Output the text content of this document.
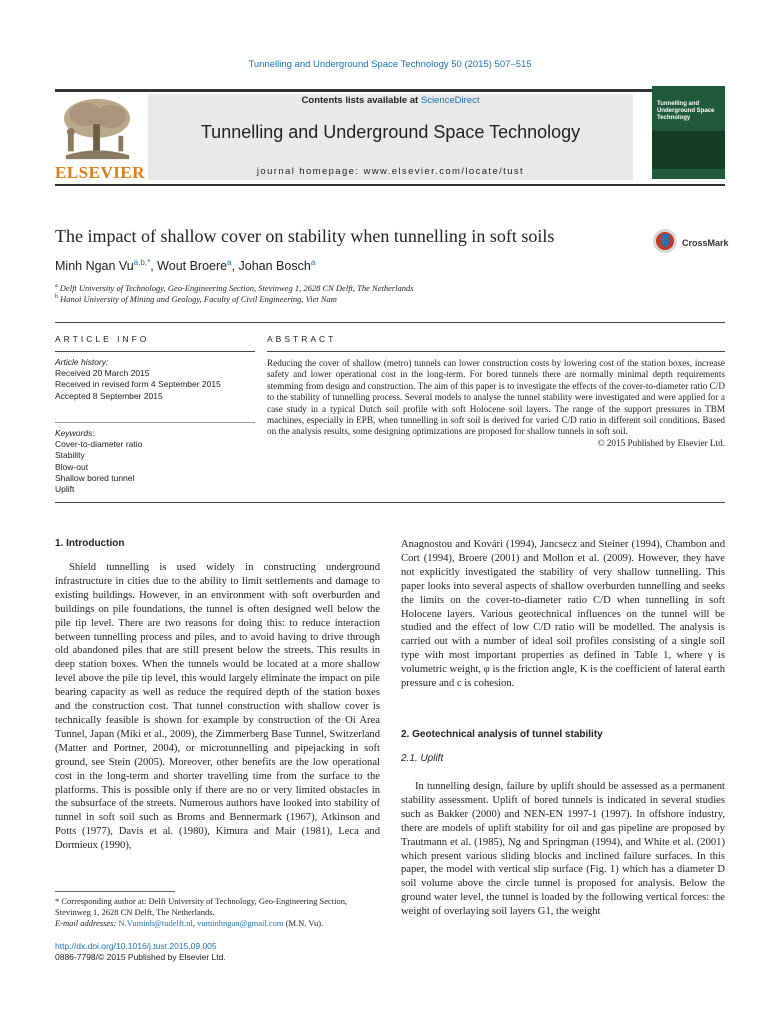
Tunnelling and Underground Space Technology 50 (2015) 507–515
ELSEVIER
Contents lists available at ScienceDirect
Tunnelling and Underground Space Technology
journal homepage: www.elsevier.com/locate/tust
Tunnelling and Underground Space Technology
The impact of shallow cover on stability when tunnelling in soft soils	CrossMark
Minh Ngan $Vu^{a,b,*}$, Wout Broere$^a$, Johan Bosch$^a$
$^a$ Delft University of Technology, Geo-Engineering Section, Stevinweg 1, 2628 CN Delft, The Netherlands
$^b$ Hanoi University of Mining and Geology, Faculty of Civil Engineering, Viet Nam
ARTICLE INFO	ABSTRACT
Article history:
Received 20 March 2015
Received in revised form 4 September 2015
Accepted 8 September 2015
Keywords:
Cover-to-diameter ratio
Stability
Blow-out
Shallow bored tunnel
Uplift
Reducing the cover of shallow (metro) tunnels can lower construction costs by lowering cost of the station boxes, increase safety and lower operational cost in the long-term. For bored tunnels there are normally minimal depth requirements stemming from design and construction. The aim of this paper is to investigate the effects of the cover-to-diameter ratio C/D to the stability of tunnelling process. Several models to analyse the tunnel stability were investigated and were applied for a case study in a typical Dutch soil profile with soft Holocene soil layers. The range of the support pressures in TBM machines, especially in EPB, when tunnelling in soft soil is derived for varied C/D ratio in different soil conditions. Based on the analysis results, some designing optimizations are proposed for shallow tunnels in soft soil.
© 2015 Published by Elsevier Ltd.
1. Introduction

Shield tunnelling is used widely in constructing underground infrastructure in cities due to the ability to limit settlements and damage to existing buildings. However, in an environment with soft overburden and buildings on pile foundations, the tunnel is often designed well below the pile tip level. There are two reasons for doing this: to reduce interaction between tunnelling process and piles, and to avoid having to drive through old abandoned piles that are still present below the streets. This results in deep station boxes. When the tunnels would be located at a more shallow level above the pile tip level, this would largely eliminate the impact on pile bearing capacity as well as reduce the required depth of the station boxes and the construction cost. That tunnel construction with shallow cover is technically feasible is shown for example by construction of the Oi Area Tunnel, Japan (Miki et al., 2009), the Zimmerberg Base Tunnel, Switzerland (Matter and Portner, 2004), or microtunnelling and pipejacking in soft ground, see Stein (2005). Moreover, other benefits are the low operational cost in the long-term and shorter travelling time from the surface to the platforms. This is possible only if there are no or very limited obstacles in the subsurface of the streets. Numerous authors have looked into stability of tunnel in soft soil such as Broms and Bennermark (1967), Atkinson and Potts (1977), Davis et al. (1980), Kimura and Mair (1981), Leca and Dormieux (1990),

* Corresponding author at: Delft University of Technology, Geo-Engineering Section, Stevinweg 1, 2628 CN Delft, The Netherlands.
E-mail addresses: N.Vuminh@tudelft.nl, vuminhngan@gmail.com (M.N. Vu).
http://dx.doi.org/10.1016/j.tust.2015.09.005
0886-7798/© 2015 Published by Elsevier Ltd.

Anagnostou and Kovári (1994), Jancsecz and Steiner (1994), Chambon and Cort (1994), Broere (2001) and Mollon et al. (2009). However, they have not explicitly investigated the stability of very shallow tunnelling. This paper looks into several aspects of shallow overburden tunnelling and seeks the limits on the cover-to-diameter ratio C/D when tunnelling in soft Holocene layers. Various geotechnical influences on the tunnel will be studied and the effect of low C/D ratio will be modelled. The analysis is carried out with a number of ideal soil profiles consisting of a single soil type with most important properties as defined in Table 1, where γ is volumetric weight, φ is the friction angle, K is the coefficient of lateral earth pressure and c is cohesion.

2. Geotechnical analysis of tunnel stability
2.1. Uplift

In tunnelling design, failure by uplift should be assessed as a permanent stability assessment. Uplift of bored tunnels is indicated in several studies such as Bakker (2000) and NEN-EN 1997-1 (1997). In offshore industry, there are models of uplift stability for oil and gas pipeline are proposed by Trautmann et al. (1985), Ng and Springman (1994), and White et al. (2001) which present various sliding blocks and inclined failure surfaces. In this paper, the model with vertical slip surface (Fig. 1) which has a diameter D soil volume above the circle tunnel is proposed for analysis. Below the ground water level, the tunnel is loaded by the following vertical forces: the weight of overlaying soil layers G1, the weight
